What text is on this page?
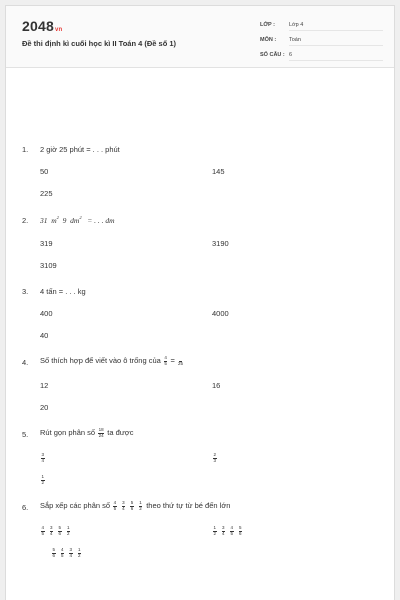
2048vn
Đề thi định kì cuối học kì II Toán 4 (Đề số 1)
LỚP :	Lớp 4
MÔN : Toán
SỐ CÂU : 6
1. 2 giờ 25 phút = . . . phút
50	145
225
2. 31 $m^2$ 9 $dm^2$ = . . . dm
319	3190
3109
3. 4 tấn = . . . kg
400	4000
40
4. Số thích hợp để viết vào ô trống của $\frac{4}{5}$ =
25
12	16
20
5. Rút gọn phân số $\frac{18}{24}$ ta được
$\frac{3}{4}$	$\frac{2}{3}$
$\frac{1}{2}$
6. Sắp xếp các phân số $\frac{4}{5} \frac{3}{4} \frac{5}{6} \frac{1}{2}$ theo thứ tự từ bé đến lớn
$\frac{4}{5} \frac{3}{4} \frac{5}{6} \frac{1}{2}$	$\frac{1}{2} \frac{3}{4} \frac{4}{5} \frac{5}{6}$
$\frac{5}{6} \frac{4}{5} \frac{3}{4} \frac{1}{2}$
